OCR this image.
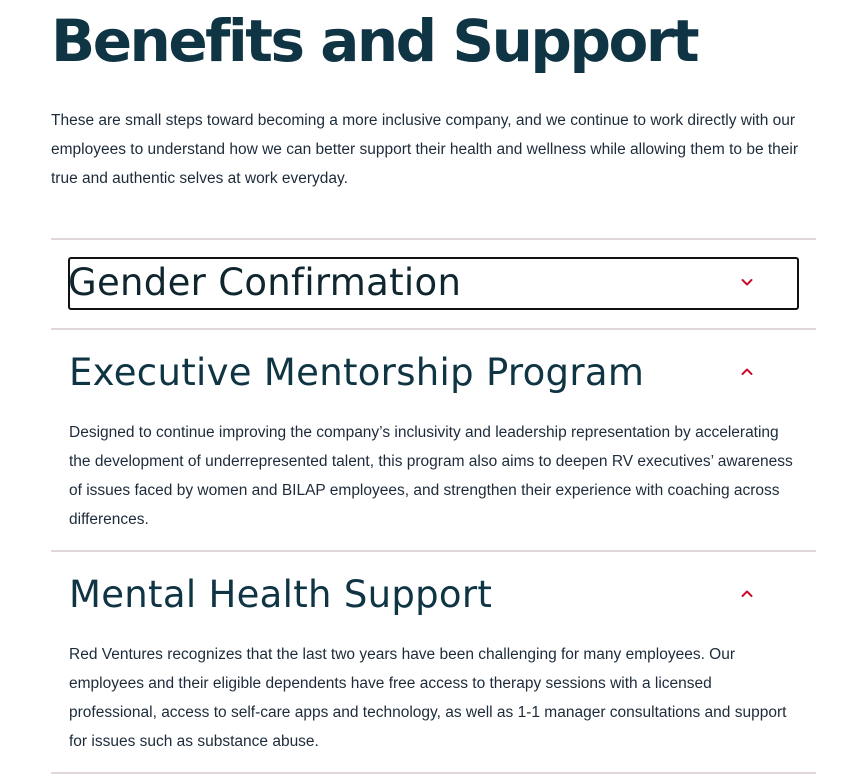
Benefits and Support

These are small steps toward becoming a more inclusive company, and we continue to work directly with our employees to understand how we can better support their health and wellness while allowing them to be their true and authentic selves at work everyday.

Gender Confirmation
Executive Mentorship Program

Designed to continue improving the company’s inclusivity and leadership representation by accelerating the development of underrepresented talent, this program also aims to deepen RV executives’ awareness of issues faced by women and BILAP employees, and strengthen their experience with coaching across differences.

Mental Health Support

Red Ventures recognizes that the last two years have been challenging for many employees. Our employees and their eligible dependents have free access to therapy sessions with a licensed professional, access to self-care apps and technology, as well as 1-1 manager consultations and support for issues such as substance abuse.
